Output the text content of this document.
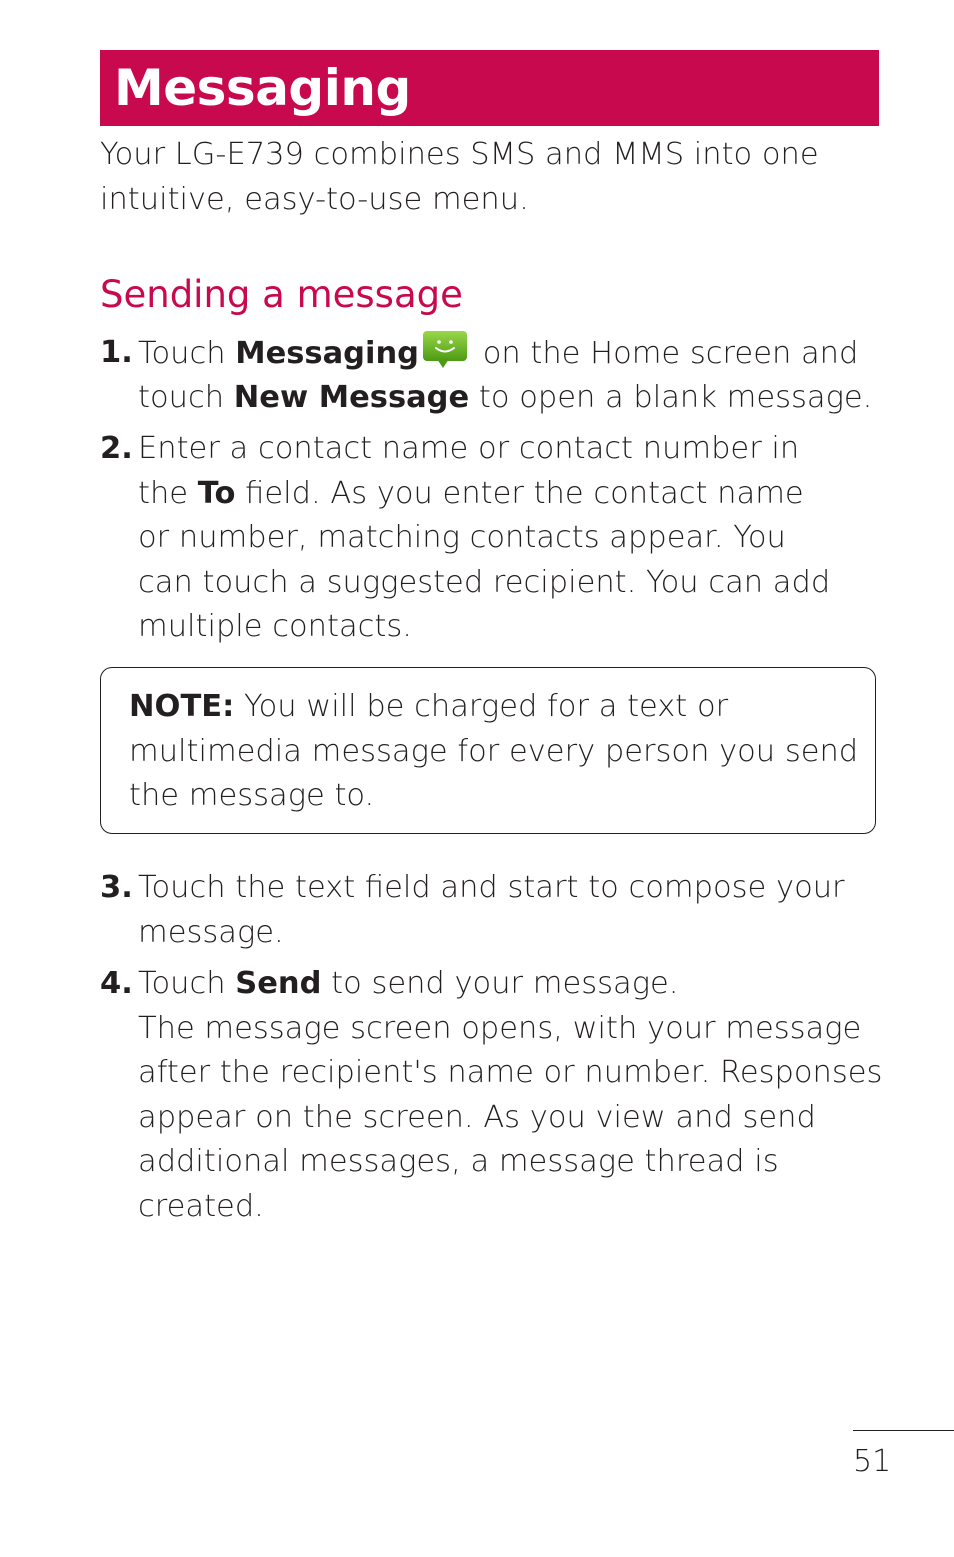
Messaging
Your LG-E739 combines SMS and MMS into one
intuitive, easy-to-use menu.
Sending a message
1. Touch Messaging
on the Home screen and
touch New Message to open a blank message.
2. Enter a contact name or contact number in
the To field. As you enter the contact name
or number, matching contacts appear. You
can touch a suggested recipient. You can add
multiple contacts.
NOTE: You will be charged for a text or
multimedia message for every person you send
the message to.
3. Touch the text field and start to compose your
message.
4. Touch Send to send your message.
The message screen opens, with your message
after the recipient's name or number. Responses
appear on the screen. As you view and send
additional messages, a message thread is
created.
51
